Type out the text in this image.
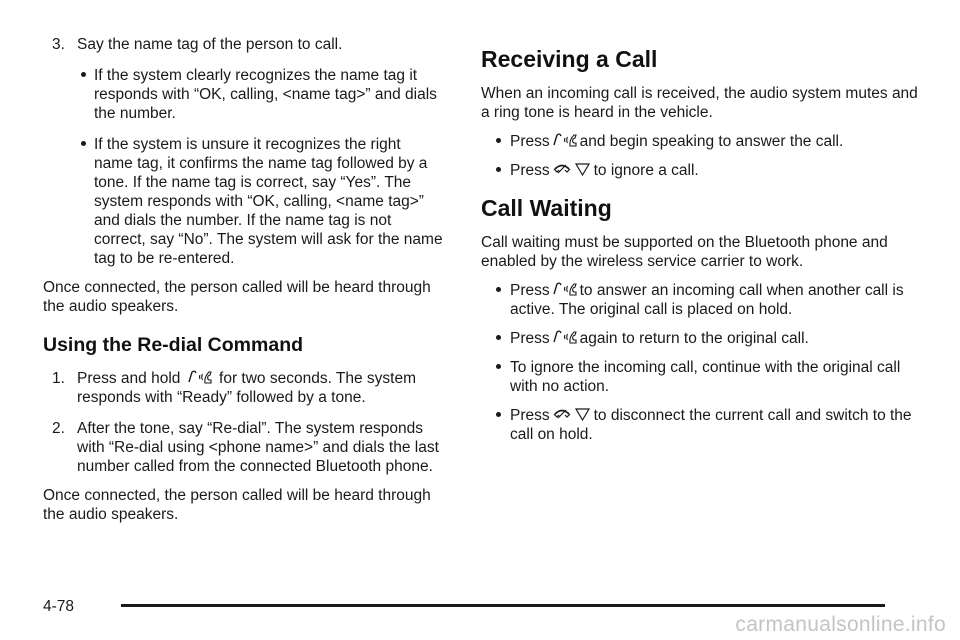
3. Say the name tag of the person to call.

If the system clearly recognizes the name tag it responds with “OK, calling, <name tag>” and dials the number.

If the system is unsure it recognizes the right name tag, it confirms the name tag followed by a tone. If the name tag is correct, say “Yes”. The system responds with “OK, calling, <name tag>” and dials the number. If the name tag is not correct, say “No”. The system will ask for the name tag to be re-entered.

Once connected, the person called will be heard through the audio speakers.

Using the Re-dial Command
1. Press and hold for two seconds. The system responds with “Ready” followed by a tone.

2. After the tone, say “Re-dial”. The system responds with “Re-dial using <phone name>” and dials the last number called from the connected Bluetooth phone.

Once connected, the person called will be heard through the audio speakers.

Receiving a Call

When an incoming call is received, the audio system mutes and a ring tone is heard in the vehicle.

Press and begin speaking to answer the call.

Press	to ignore a call.

Call Waiting

Call waiting must be supported on the Bluetooth phone and enabled by the wireless service carrier to work.

Press to answer an incoming call when another call is active. The original call is placed on hold.

Press again to return to the original call.

To ignore the incoming call, continue with the original call with no action.

Press	to disconnect the current call and switch to the call on hold.

4-78
carmanualsonline.info
